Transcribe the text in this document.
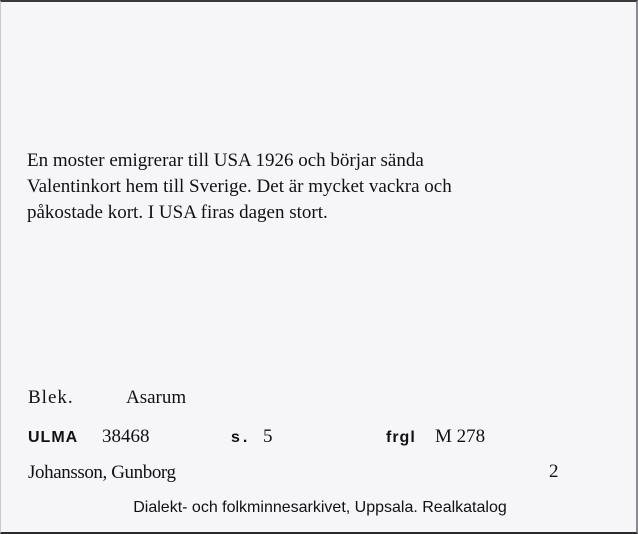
En moster emigrerar till USA 1926 och börjar sända
Valentinkort hem till Sverige. Det är mycket vackra och
påkostade kort. I USA firas dagen stort.
Blek.	Asarum
ULMA 38468	s. 5	frgl M 278
Johansson, Gunborg	2
Dialekt- och folkminnesarkivet, Uppsala. Realkatalog
